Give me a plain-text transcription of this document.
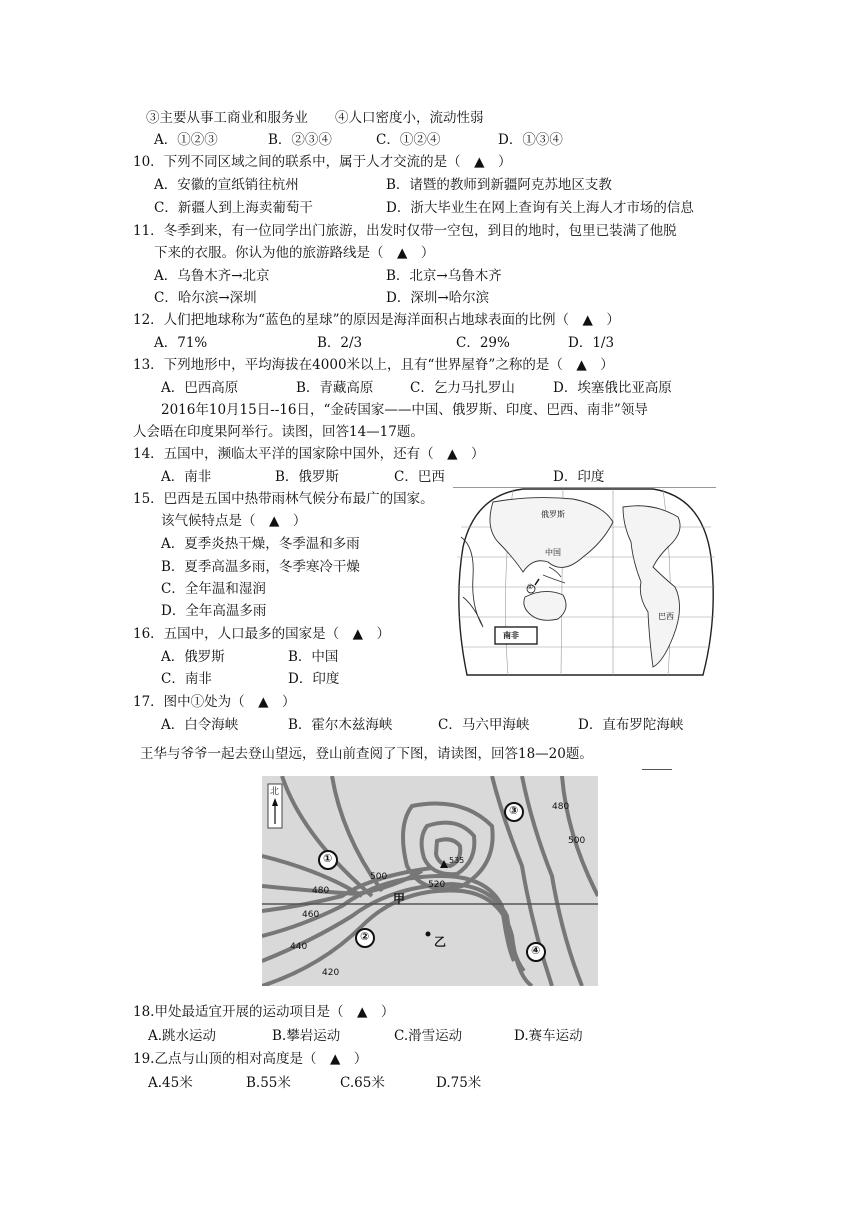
③主要从事工商业和服务业　　④人口密度小，流动性弱
A．①②③	B．②③④	C．①②④	D．①③④
10．下列不同区域之间的联系中，属于人才交流的是（　▲　）
A．安徽的宣纸销往杭州	B．诸暨的教师到新疆阿克苏地区支教
C．新疆人到上海卖葡萄干	D．浙大毕业生在网上查询有关上海人才市场的信息
11．冬季到来，有一位同学出门旅游，出发时仅带一空包，到目的地时，包里已装满了他脱
下来的衣服。你认为他的旅游路线是（　▲　）
A．乌鲁木齐→北京	B．北京→乌鲁木齐
C．哈尔滨→深圳	D．深圳→哈尔滨
12．人们把地球称为“蓝色的星球”的原因是海洋面积占地球表面的比例（　▲　）
A．71%	B．2/3	C．29%	D．1/3
13．下列地形中，平均海拔在4000米以上，且有“世界屋脊”之称的是（　▲　）
A．巴西高原	B．青藏高原	C．乞力马扎罗山	D．埃塞俄比亚高原
2016年10月15日--16日，“金砖国家——中国、俄罗斯、印度、巴西、南非”领导
人会晤在印度果阿举行。读图，回答14—17题。
14．五国中，濒临太平洋的国家除中国外，还有（　▲　）
A．南非	B．俄罗斯	C．巴西	D．印度
15．巴西是五国中热带雨林气候分布最广的国家。
该气候特点是（　▲　）
A．夏季炎热干燥，冬季温和多雨
B．夏季高温多雨，冬季寒冷干燥
C．全年温和湿润
D．全年高温多雨
16．五国中，人口最多的国家是（　▲　）
A．俄罗斯	B．中国
C．南非	D．印度
17．图中①处为（　▲　）
A．白令海峡	B．霍尔木兹海峡	C．马六甲海峡	D．直布罗陀海峡
王华与爷爷一起去登山望远，登山前查阅了下图，请读图，回答18—20题。
俄罗斯
中国
巴西
南非
①
北
①
②
③
④
甲
乙
535
420
440
460
480
500
520
480
500
18.甲处最适宜开展的运动项目是（　▲　）
A.跳水运动	B.攀岩运动	C.滑雪运动	D.赛车运动
19.乙点与山顶的相对高度是（　▲　）
A.45米	B.55米	C.65米	D.75米
